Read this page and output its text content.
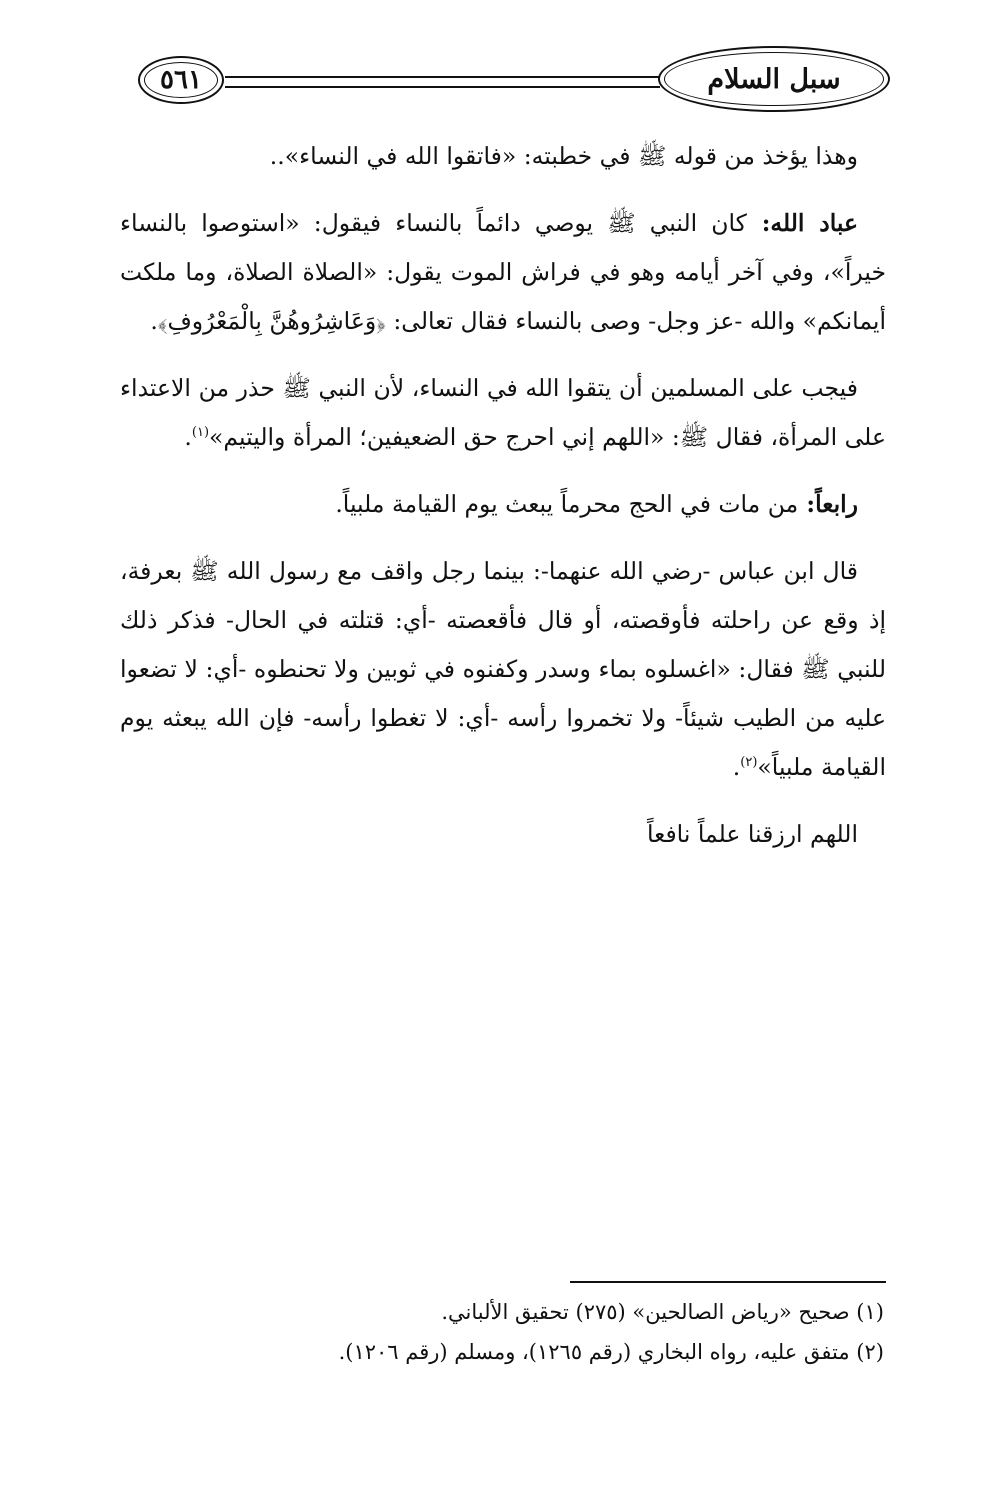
٥٦١	سبل السلام

وهذا يؤخذ من قوله ﷺ في خطبته: «فاتقوا الله في النساء»..

عباد الله: كان النبي ﷺ يوصي دائماً بالنساء فيقول: «استوصوا بالنساء خيراً»، وفي آخر أيامه وهو في فراش الموت يقول: «الصلاة الصلاة، وما ملكت أيمانكم» والله -عز وجل- وصى بالنساء فقال تعالى: ﴿وَعَاشِرُوهُنَّ بِالْمَعْرُوفِ﴾.

فيجب على المسلمين أن يتقوا الله في النساء، لأن النبي ﷺ حذر من الاعتداء على المرأة، فقال ﷺ: «اللهم إني احرج حق الضعيفين؛ المرأة واليتيم»$^{(١)}$.

رابعاً: من مات في الحج محرماً يبعث يوم القيامة ملبياً.

قال ابن عباس -رضي الله عنهما-: بينما رجل واقف مع رسول الله ﷺ بعرفة، إذ وقع عن راحلته فأوقصته، أو قال فأقعصته -أي: قتلته في الحال- فذكر ذلك للنبي ﷺ فقال: «اغسلوه بماء وسدر وكفنوه في ثوبين ولا تحنطوه -أي: لا تضعوا عليه من الطيب شيئاً- ولا تخمروا رأسه -أي: لا تغطوا رأسه- فإن الله يبعثه يوم القيامة ملبياً»$^{(٢)}$.

اللهم ارزقنا علماً نافعاً

(١) صحيح «رياض الصالحين» (٢٧٥) تحقيق الألباني.

(٢) متفق عليه، رواه البخاري (رقم ١٢٦٥)، ومسلم (رقم ١٢٠٦).
